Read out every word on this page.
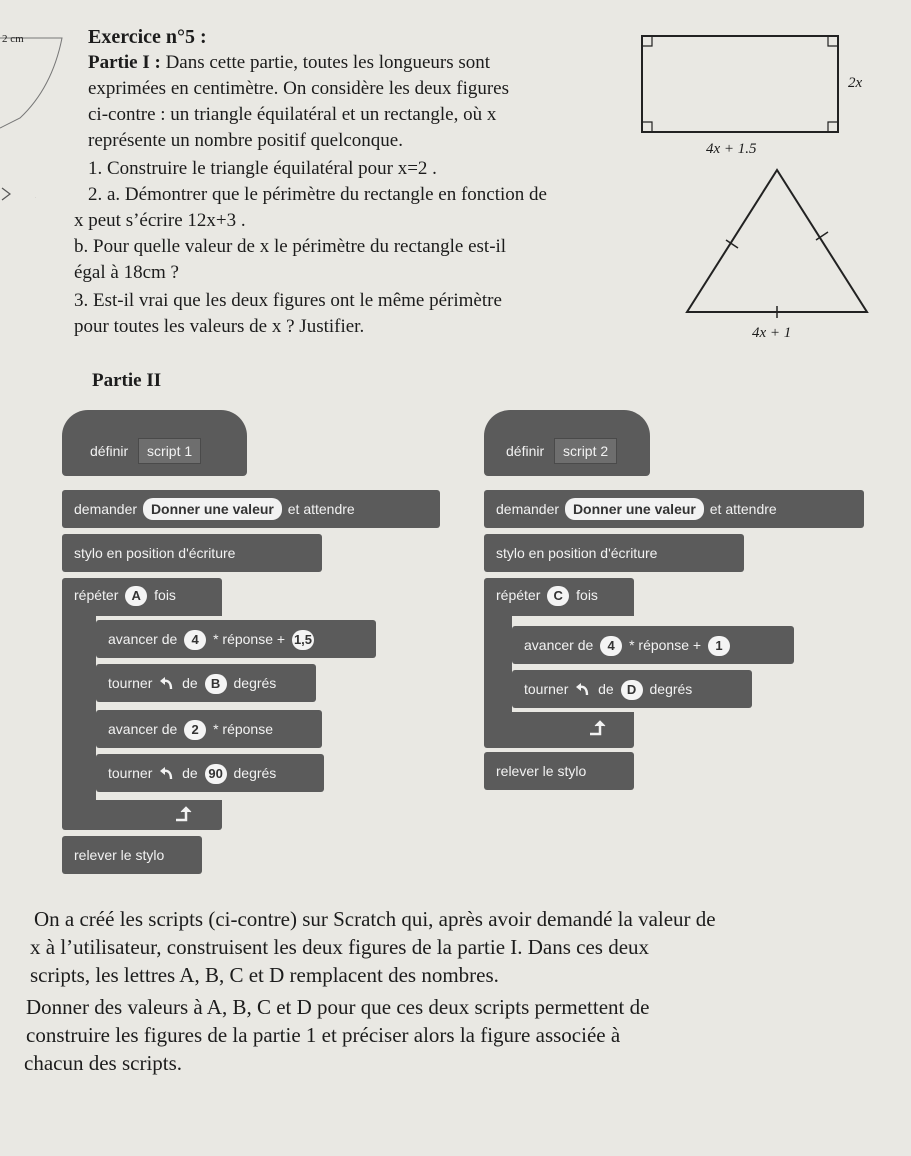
2 cm	Exercice n°5 :
Partie I : Dans cette partie, toutes les longueurs sont
exprimées en centimètre. On considère les deux figures
ci-contre : un triangle équilatéral et un rectangle, où x
représente un nombre positif quelconque.
1. Construire le triangle équilatéral pour x=2 .
2. a. Démontrer que le périmètre du rectangle en fonction de
x peut s’écrire 12x+3 .
b. Pour quelle valeur de x le périmètre du rectangle est-il
égal à 18cm ?
3. Est-il vrai que les deux figures ont le même périmètre
pour toutes les valeurs de x ? Justifier.
2x
4x + 1.5
4x + 1
Partie II
définir script 1
demander Donner une valeur et attendre
stylo en position d'écriture
répéter A fois
avancer de 4 * réponse + 1,5
tourner de B degrés
avancer de 2 * réponse
tourner de 90 degrés
relever le stylo
définir script 2
demander Donner une valeur et attendre
stylo en position d'écriture
répéter C fois
avancer de 4 * réponse + 1
tourner de D degrés
relever le stylo
On a créé les scripts (ci-contre) sur Scratch qui, après avoir demandé la valeur de
x à l’utilisateur, construisent les deux figures de la partie I. Dans ces deux
scripts, les lettres A, B, C et D remplacent des nombres.
Donner des valeurs à A, B, C et D pour que ces deux scripts permettent de
construire les figures de la partie 1 et préciser alors la figure associée à
chacun des scripts.
